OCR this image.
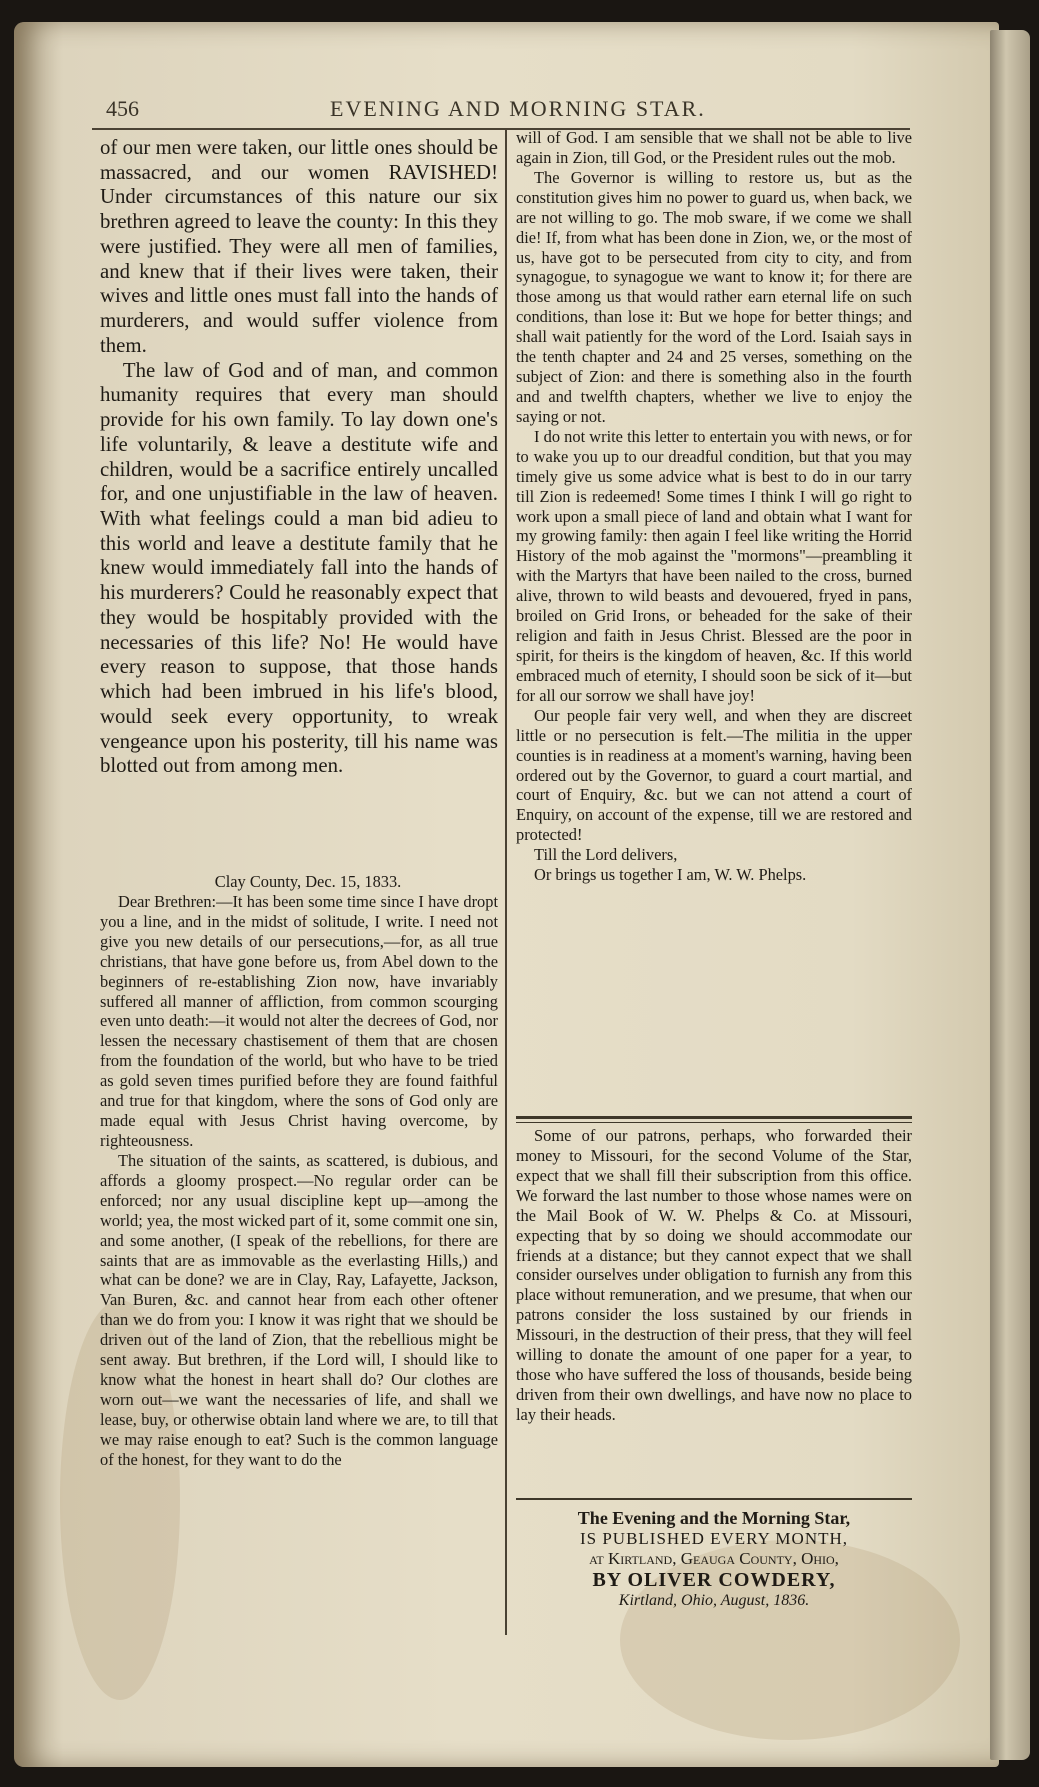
456	EVENING AND MORNING STAR.

of our men were taken, our little ones should be massacred, and our women RAVISHED! Under circumstances of this nature our six brethren agreed to leave the county: In this they were justified. They were all men of families, and knew that if their lives were taken, their wives and little ones must fall into the hands of murderers, and would suffer violence from them.

The law of God and of man, and common humanity requires that every man should provide for his own family. To lay down one's life voluntarily, & leave a destitute wife and children, would be a sacrifice entirely uncalled for, and one unjustifiable in the law of heaven. With what feelings could a man bid adieu to this world and leave a destitute family that he knew would immediately fall into the hands of his murderers? Could he reasonably expect that they would be hospitably provided with the necessaries of this life? No! He would have every reason to suppose, that those hands which had been imbrued in his life's blood, would seek every opportunity, to wreak vengeance upon his posterity, till his name was blotted out from among men.

Clay County, Dec. 15, 1833.

Dear Brethren:—It has been some time since I have dropt you a line, and in the midst of solitude, I write. I need not give you new details of our persecutions,—for, as all true christians, that have gone before us, from Abel down to the beginners of re-establishing Zion now, have invariably suffered all manner of affliction, from common scourging even unto death:—it would not alter the decrees of God, nor lessen the necessary chastisement of them that are chosen from the foundation of the world, but who have to be tried as gold seven times purified before they are found faithful and true for that kingdom, where the sons of God only are made equal with Jesus Christ having overcome, by righteousness.

The situation of the saints, as scattered, is dubious, and affords a gloomy prospect.—No regular order can be enforced; nor any usual discipline kept up—among the world; yea, the most wicked part of it, some commit one sin, and some another, (I speak of the rebellions, for there are saints that are as immovable as the everlasting Hills,) and what can be done? we are in Clay, Ray, Lafayette, Jackson, Van Buren, &c. and cannot hear from each other oftener than we do from you: I know it was right that we should be driven out of the land of Zion, that the rebellious might be sent away. But brethren, if the Lord will, I should like to know what the honest in heart shall do? Our clothes are worn out—we want the necessaries of life, and shall we lease, buy, or otherwise obtain land where we are, to till that we may raise enough to eat? Such is the common language of the honest, for they want to do the

will of God. I am sensible that we shall not be able to live again in Zion, till God, or the President rules out the mob.

The Governor is willing to restore us, but as the constitution gives him no power to guard us, when back, we are not willing to go. The mob sware, if we come we shall die! If, from what has been done in Zion, we, or the most of us, have got to be persecuted from city to city, and from synagogue, to synagogue we want to know it; for there are those among us that would rather earn eternal life on such conditions, than lose it: But we hope for better things; and shall wait patiently for the word of the Lord. Isaiah says in the tenth chapter and 24 and 25 verses, something on the subject of Zion: and there is something also in the fourth and and twelfth chapters, whether we live to enjoy the saying or not.

I do not write this letter to entertain you with news, or for to wake you up to our dreadful condition, but that you may timely give us some advice what is best to do in our tarry till Zion is redeemed! Some times I think I will go right to work upon a small piece of land and obtain what I want for my growing family: then again I feel like writing the Horrid History of the mob against the "mormons"—preambling it with the Martyrs that have been nailed to the cross, burned alive, thrown to wild beasts and devouered, fryed in pans, broiled on Grid Irons, or beheaded for the sake of their religion and faith in Jesus Christ. Blessed are the poor in spirit, for theirs is the kingdom of heaven, &c. If this world embraced much of eternity, I should soon be sick of it—but for all our sorrow we shall have joy!

Our people fair very well, and when they are discreet little or no persecution is felt.—The militia in the upper counties is in readiness at a moment's warning, having been ordered out by the Governor, to guard a court martial, and court of Enquiry, &c. but we can not attend a court of Enquiry, on account of the expense, till we are restored and protected!

Till the Lord delivers,

Or brings us together I am, W. W. Phelps.

Some of our patrons, perhaps, who forwarded their money to Missouri, for the second Volume of the Star, expect that we shall fill their subscription from this office. We forward the last number to those whose names were on the Mail Book of W. W. Phelps & Co. at Missouri, expecting that by so doing we should accommodate our friends at a distance; but they cannot expect that we shall consider ourselves under obligation to furnish any from this place without remuneration, and we presume, that when our patrons consider the loss sustained by our friends in Missouri, in the destruction of their press, that they will feel willing to donate the amount of one paper for a year, to those who have suffered the loss of thousands, beside being driven from their own dwellings, and have now no place to lay their heads.

The Evening and the Morning Star,
IS PUBLISHED EVERY MONTH,
at Kirtland, Geauga County, Ohio,
BY OLIVER COWDERY,
Kirtland, Ohio, August, 1836.
